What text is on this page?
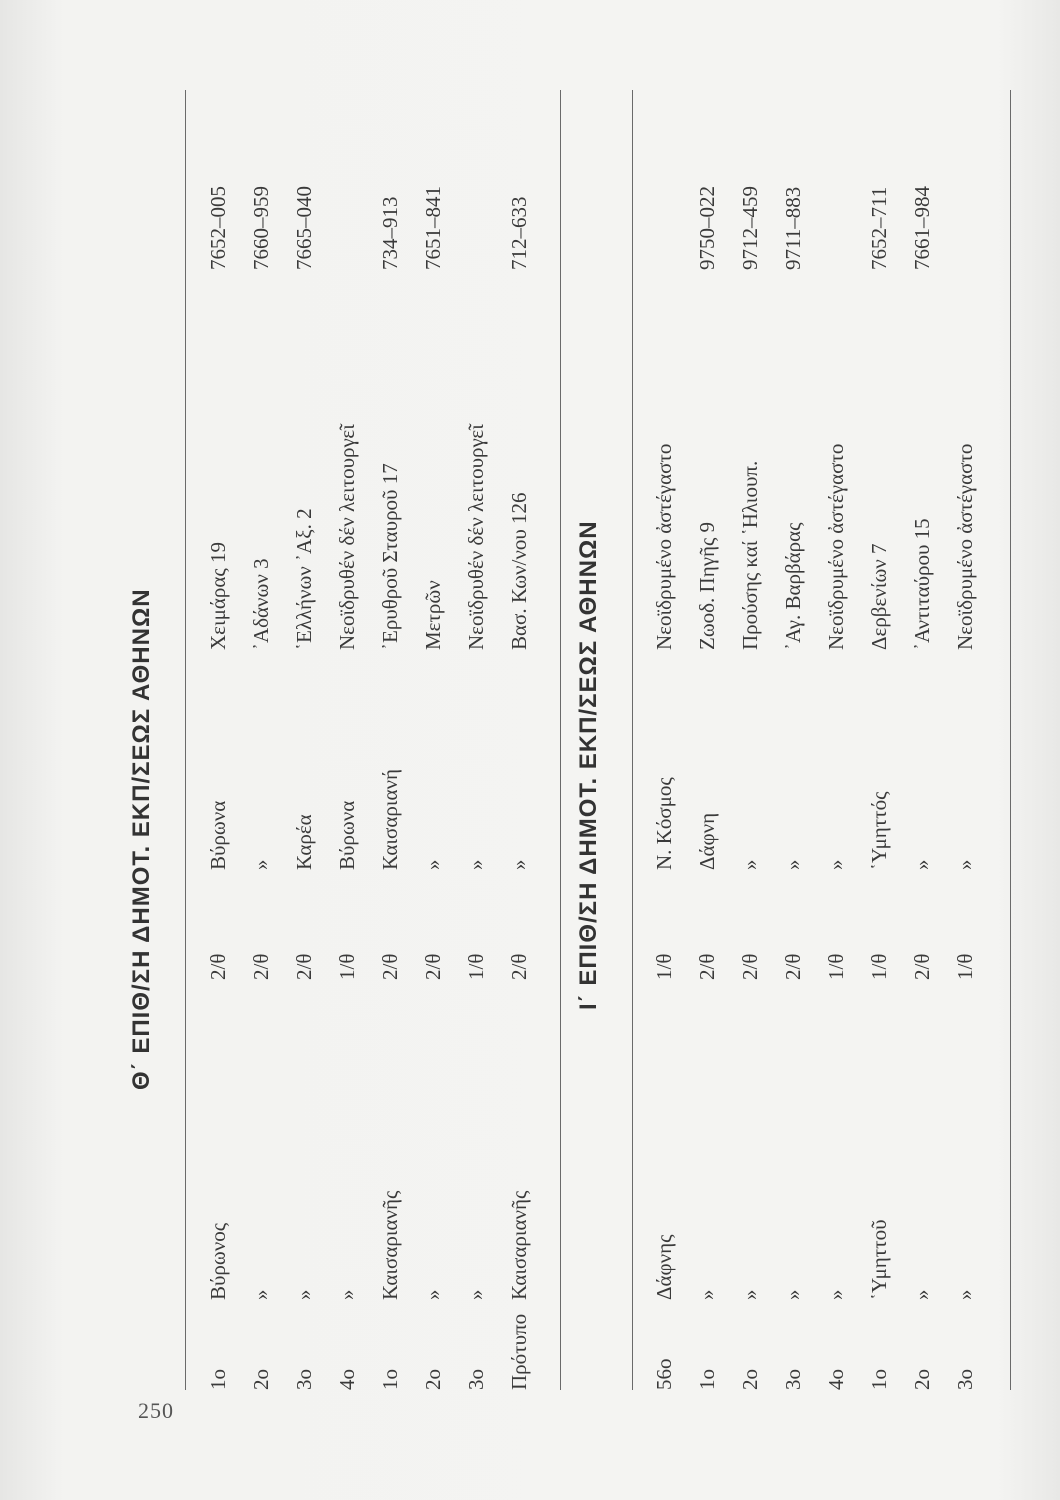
250
Θ΄ ΕΠΙΘ/ΣΗ ΔΗΜΟΤ. ΕΚΠ/ΣΕΩΣ ΑΘΗΝΩΝ
1ο
Βύρωνος
2/θ
Βύρωνα
Χειμάρας 19
7652–005
2ο
»
2/θ
»
᾿Αδάνων 3
7660–959
3ο
»
2/θ
Καρέα
῾Ελλήνων ᾿Αξ. 2
7665–040
4ο
»
1/θ
Βύρωνα
Νεοϊδρυθέν δέν λειτουργεῖ
1ο
Καισαριανῆς
2/θ
Καισαριανή
᾿Ερυθροῦ Σταυροῦ 17
734–913
2ο
»
2/θ
»
Μετρῶν
7651–841
3ο
»
1/θ
»
Νεοϊδρυθέν δέν λειτουργεῖ
Πρότυπο
Καισαριανῆς
2/θ
»
Βασ. Κων/νου 126
712–633
Ι΄ ΕΠΙΘ/ΣΗ ΔΗΜΟΤ. ΕΚΠ/ΣΕΩΣ ΑΘΗΝΩΝ
56ο
Δάφνης
1/θ
Ν. Κόσμος
Νεοϊδρυμένο ἀστέγαστο
1ο
»
2/θ
Δάφνη
Ζωοδ. Πηγῆς 9
9750–022
2ο
»
2/θ
»
Προύσης καί ῾Ηλιουπ.
9712–459
3ο
»
2/θ
»
᾿Αγ. Βαρβάρας
9711–883
4ο
»
1/θ
»
Νεοϊδρυμένο ἀστέγαστο
1ο
῾Υμηττοῦ
1/θ
῾Υμηττός
Δερβενίων 7
7652–711
2ο
»
2/θ
»
᾿Αντιταύρου 15
7661–984
3ο
»
1/θ
»
Νεοϊδρυμένο ἀστέγαστο
